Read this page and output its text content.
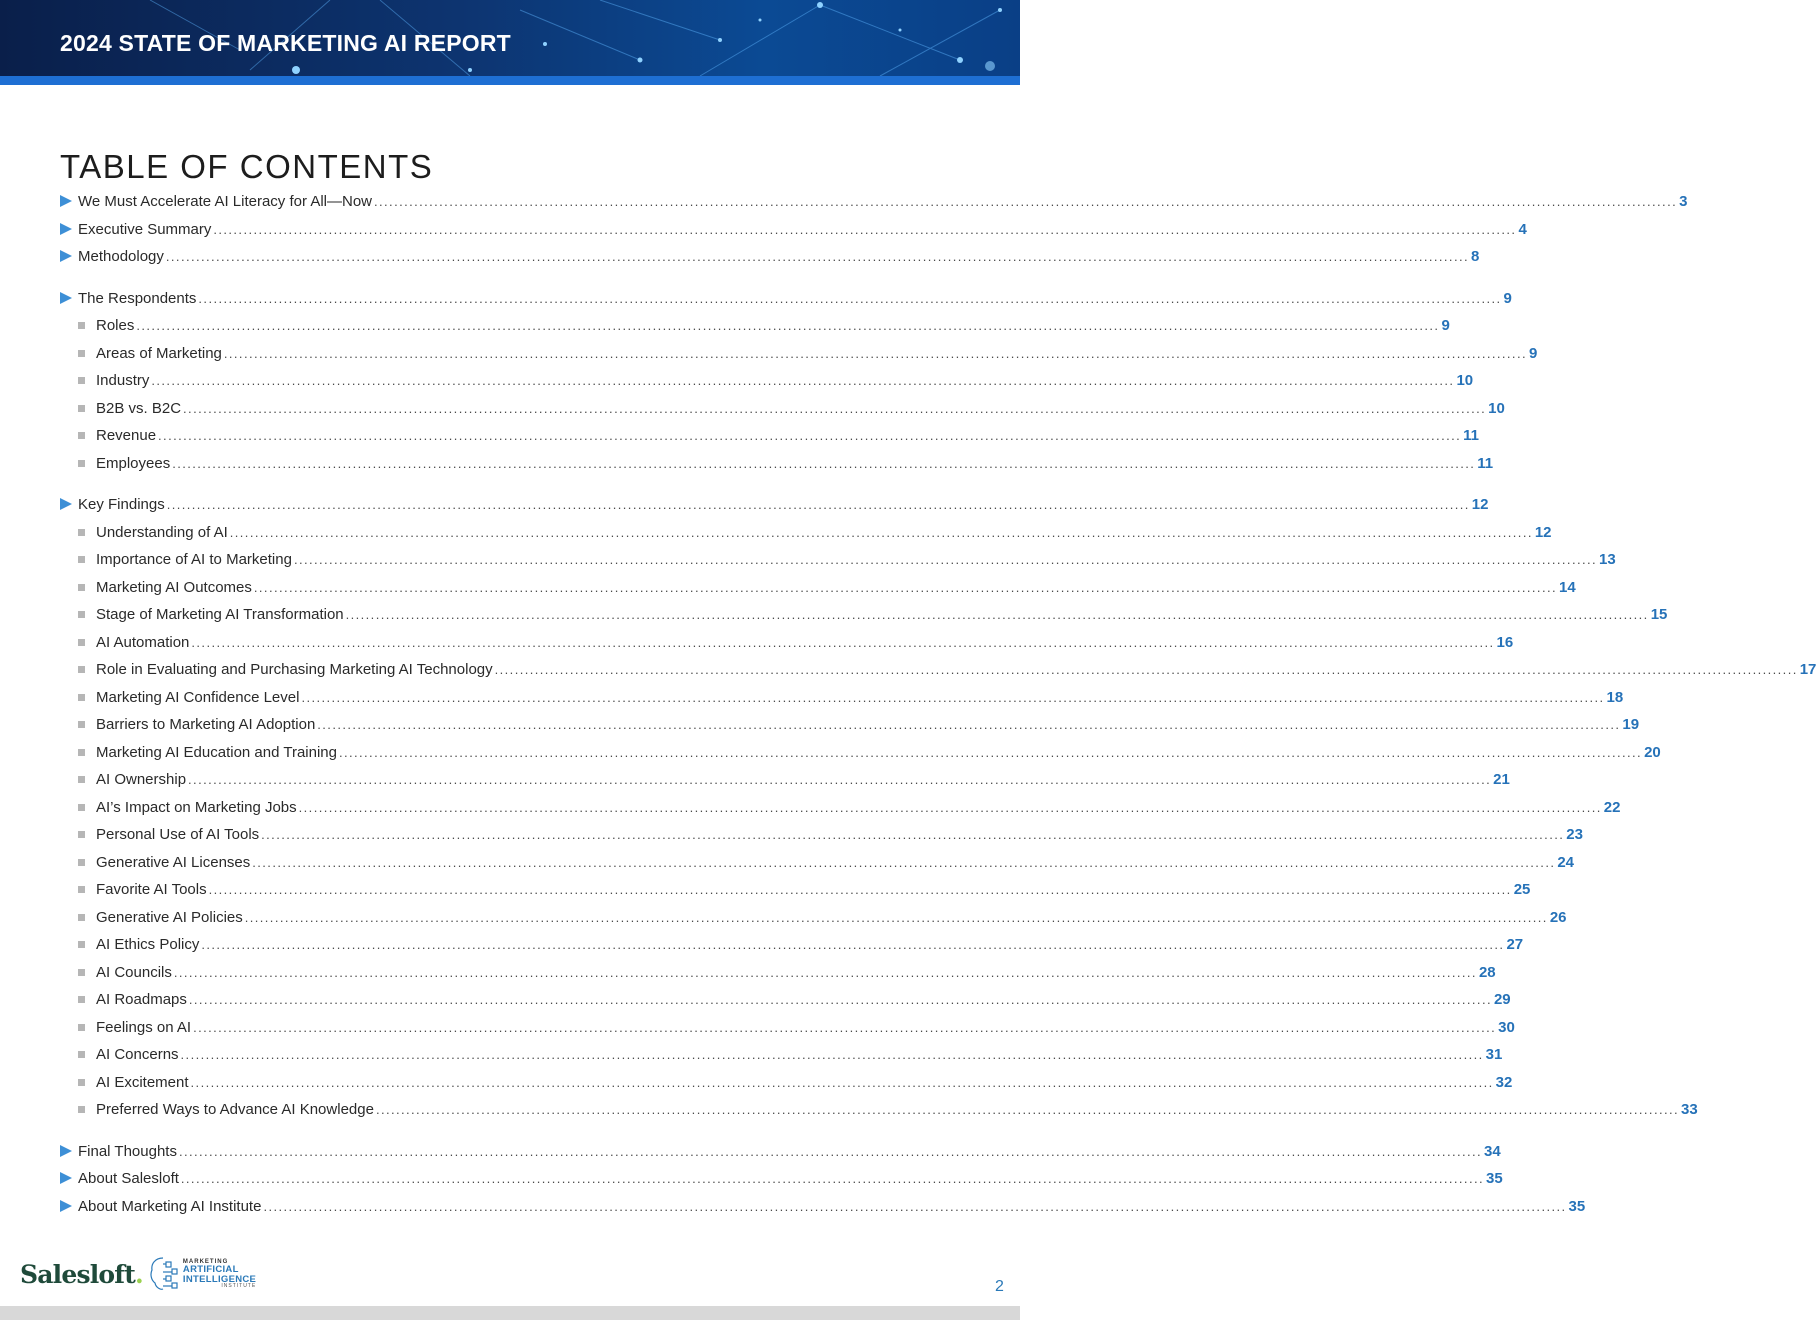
2024 STATE OF MARKETING AI REPORT
TABLE OF CONTENTS
We Must Accelerate AI Literacy for All—Now .................................................................................................................................................................................................................................................................... 3
Executive Summary .................................................................................................................................................................................................................................................................... 4
Methodology .................................................................................................................................................................................................................................................................... 8
The Respondents .................................................................................................................................................................................................................................................................... 9
Roles .................................................................................................................................................................................................................................................................... 9
Areas of Marketing .................................................................................................................................................................................................................................................................... 9
Industry .................................................................................................................................................................................................................................................................... 10
B2B vs. B2C .................................................................................................................................................................................................................................................................... 10
Revenue .................................................................................................................................................................................................................................................................... 11
Employees .................................................................................................................................................................................................................................................................... 11
Key Findings .................................................................................................................................................................................................................................................................... 12
Understanding of AI .................................................................................................................................................................................................................................................................... 12
Importance of AI to Marketing .................................................................................................................................................................................................................................................................... 13
Marketing AI Outcomes .................................................................................................................................................................................................................................................................... 14
Stage of Marketing AI Transformation .................................................................................................................................................................................................................................................................... 15
AI Automation .................................................................................................................................................................................................................................................................... 16
Role in Evaluating and Purchasing Marketing AI Technology .................................................................................................................................................................................................................................................................... 17
Marketing AI Confidence Level .................................................................................................................................................................................................................................................................... 18
Barriers to Marketing AI Adoption .................................................................................................................................................................................................................................................................... 19
Marketing AI Education and Training .................................................................................................................................................................................................................................................................... 20
AI Ownership .................................................................................................................................................................................................................................................................... 21
AI’s Impact on Marketing Jobs .................................................................................................................................................................................................................................................................... 22
Personal Use of AI Tools .................................................................................................................................................................................................................................................................... 23
Generative AI Licenses .................................................................................................................................................................................................................................................................... 24
Favorite AI Tools .................................................................................................................................................................................................................................................................... 25
Generative AI Policies .................................................................................................................................................................................................................................................................... 26
AI Ethics Policy .................................................................................................................................................................................................................................................................... 27
AI Councils .................................................................................................................................................................................................................................................................... 28
AI Roadmaps .................................................................................................................................................................................................................................................................... 29
Feelings on AI .................................................................................................................................................................................................................................................................... 30
AI Concerns .................................................................................................................................................................................................................................................................... 31
AI Excitement .................................................................................................................................................................................................................................................................... 32
Preferred Ways to Advance AI Knowledge .................................................................................................................................................................................................................................................................... 33
Final Thoughts .................................................................................................................................................................................................................................................................... 34
About Salesloft .................................................................................................................................................................................................................................................................... 35
About Marketing AI Institute .................................................................................................................................................................................................................................................................... 35
Salesloft.	MARKETING
ARTIFICIAL
INTELLIGENCE
INSTITUTE	2
